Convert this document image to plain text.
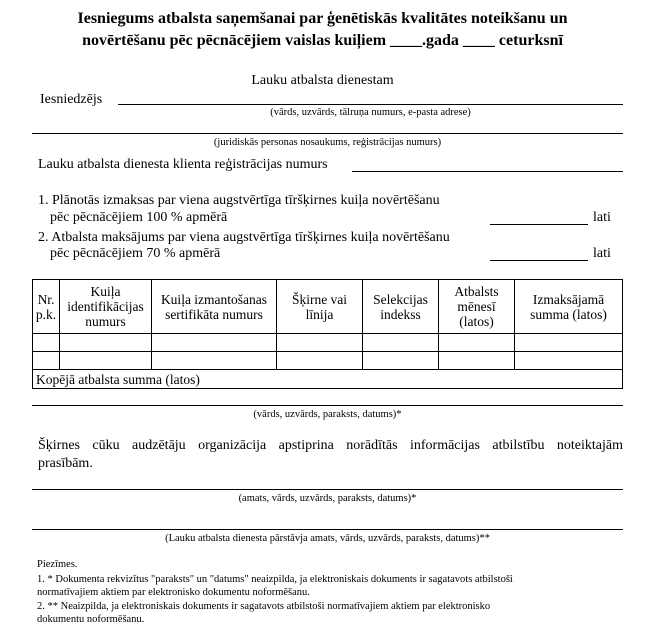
Iesniegums atbalsta saņemšanai par ģenētiskās kvalitātes noteikšanu un
novērtēšanu pēc pēcnācējiem vaislas kuiļiem ____.gada ____ ceturksnī
Lauku atbalsta dienestam
Iesniedzējs
(vārds, uzvārds, tālruņa numurs, e-pasta adrese)
(juridiskās personas nosaukums, reģistrācijas numurs)
Lauku atbalsta dienesta klienta reģistrācijas numurs
1. Plānotās izmaksas par viena augstvērtīga tīršķirnes kuiļa novērtēšanu
pēc pēcnācējiem 100 % apmērā	lati
2. Atbalsta maksājums par viena augstvērtīga tīršķirnes kuiļa novērtēšanu
pēc pēcnācējiem 70 % apmērā	lati
Nr. p.k.	Kuiļa identifikācijas numurs	Kuiļa izmantošanas sertifikāta numurs	Šķirne vai līnija	Selekcijas indekss	Atbalsts mēnesī (latos)	Izmaksājamā summa (latos)

Kopējā atbalsta summa (latos)						
(vārds, uzvārds, paraksts, datums)*
Šķirnes cūku audzētāju organizācija apstiprina norādītās informācijas atbilstību noteiktajām
prasībām.
(amats, vārds, uzvārds, paraksts, datums)*
(Lauku atbalsta dienesta pārstāvja amats, vārds, uzvārds, paraksts, datums)**
Piezīmes.
1. * Dokumenta rekvizītus "paraksts" un "datums" neaizpilda, ja elektroniskais dokuments ir sagatavots atbilstoši
normatīvajiem aktiem par elektronisko dokumentu noformēšanu.
2. ** Neaizpilda, ja elektroniskais dokuments ir sagatavots atbilstoši normatīvajiem aktiem par elektronisko
dokumentu noformēšanu.
